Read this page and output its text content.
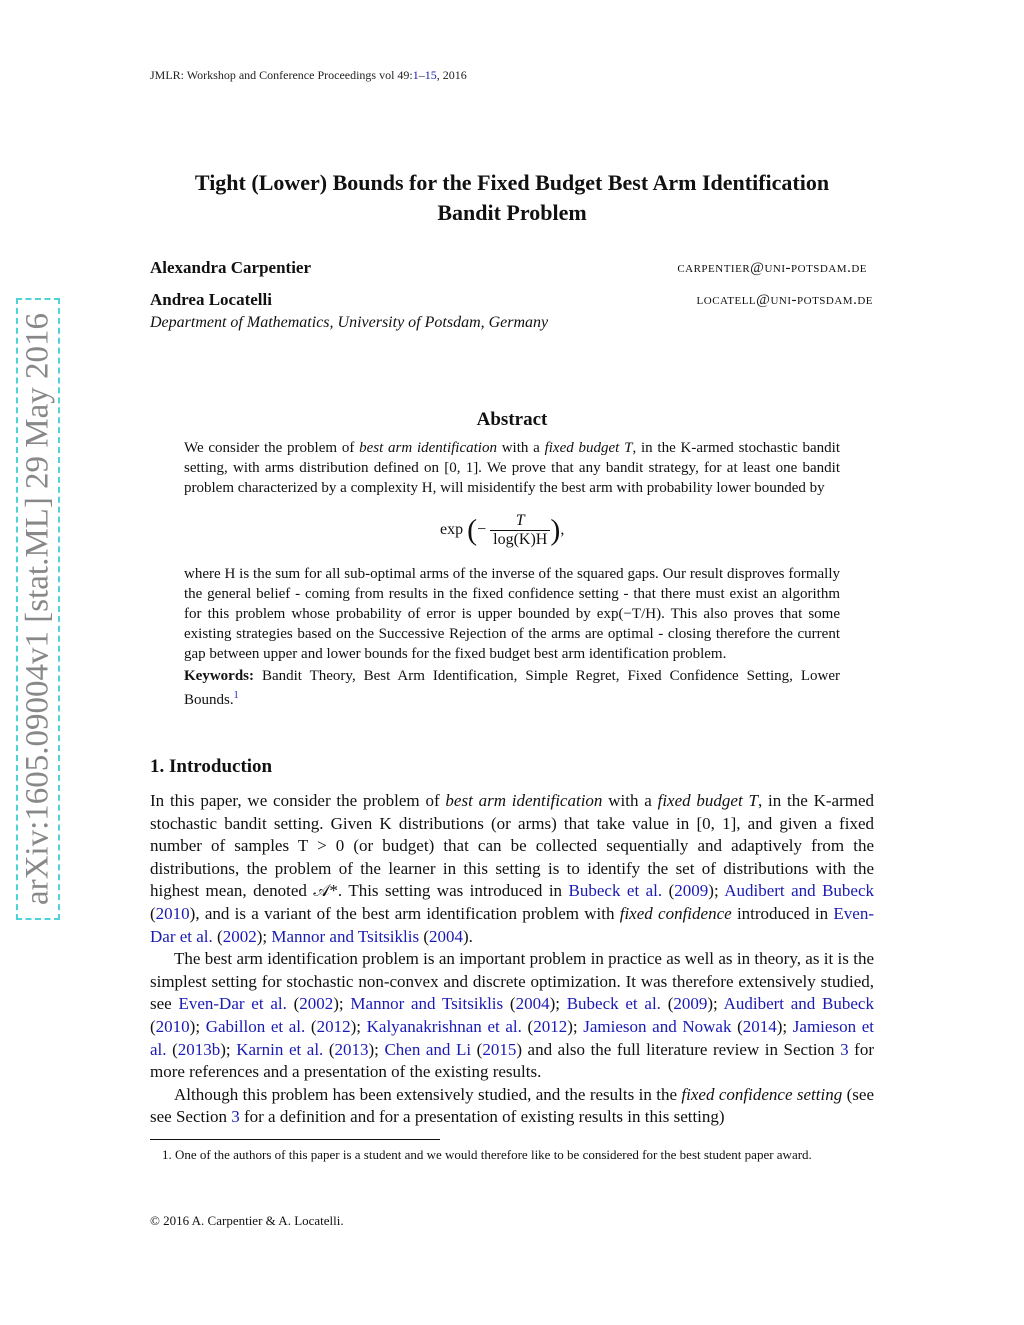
JMLR: Workshop and Conference Proceedings vol 49:1–15, 2016
arXiv:1605.09004v1 [stat.ML] 29 May 2016
Tight (Lower) Bounds for the Fixed Budget Best Arm Identification
Bandit Problem
Alexandra Carpentier	carpentier@uni-potsdam.de
Andrea Locatelli	locatell@uni-potsdam.de
Department of Mathematics, University of Potsdam, Germany
Abstract
We consider the problem of best arm identification with a fixed budget T, in the K-armed stochastic bandit setting, with arms distribution defined on [0, 1]. We prove that any bandit strategy, for at least one bandit problem characterized by a complexity H, will misidentify the best arm with probability lower bounded by
exp (− $\frac{T}{\log(K)H}$ ),

where H is the sum for all sub-optimal arms of the inverse of the squared gaps. Our result disproves formally the general belief - coming from results in the fixed confidence setting - that there must exist an algorithm for this problem whose probability of error is upper bounded by exp(−T/H). This also proves that some existing strategies based on the Successive Rejection of the arms are optimal - closing therefore the current gap between upper and lower bounds for the fixed budget best arm identification problem.

Keywords: Bandit Theory, Best Arm Identification, Simple Regret, Fixed Confidence Setting, Lower Bounds.$^1$

1. Introduction

In this paper, we consider the problem of best arm identification with a fixed budget T, in the K-armed stochastic bandit setting. Given K distributions (or arms) that take value in [0, 1], and given a fixed number of samples T > 0 (or budget) that can be collected sequentially and adaptively from the distributions, the problem of the learner in this setting is to identify the set of distributions with the highest mean, denoted 𝒜*. This setting was introduced in Bubeck et al. (2009); Audibert and Bubeck (2010), and is a variant of the best arm identification problem with fixed confidence introduced in Even-Dar et al. (2002); Mannor and Tsitsiklis (2004).

The best arm identification problem is an important problem in practice as well as in theory, as it is the simplest setting for stochastic non-convex and discrete optimization. It was therefore extensively studied, see Even-Dar et al. (2002); Mannor and Tsitsiklis (2004); Bubeck et al. (2009); Audibert and Bubeck (2010); Gabillon et al. (2012); Kalyanakrishnan et al. (2012); Jamieson and Nowak (2014); Jamieson et al. (2013b); Karnin et al. (2013); Chen and Li (2015) and also the full literature review in Section 3 for more references and a presentation of the existing results.

Although this problem has been extensively studied, and the results in the fixed confidence setting (see see Section 3 for a definition and for a presentation of existing results in this setting)

1. One of the authors of this paper is a student and we would therefore like to be considered for the best student paper award.
© 2016 A. Carpentier & A. Locatelli.
